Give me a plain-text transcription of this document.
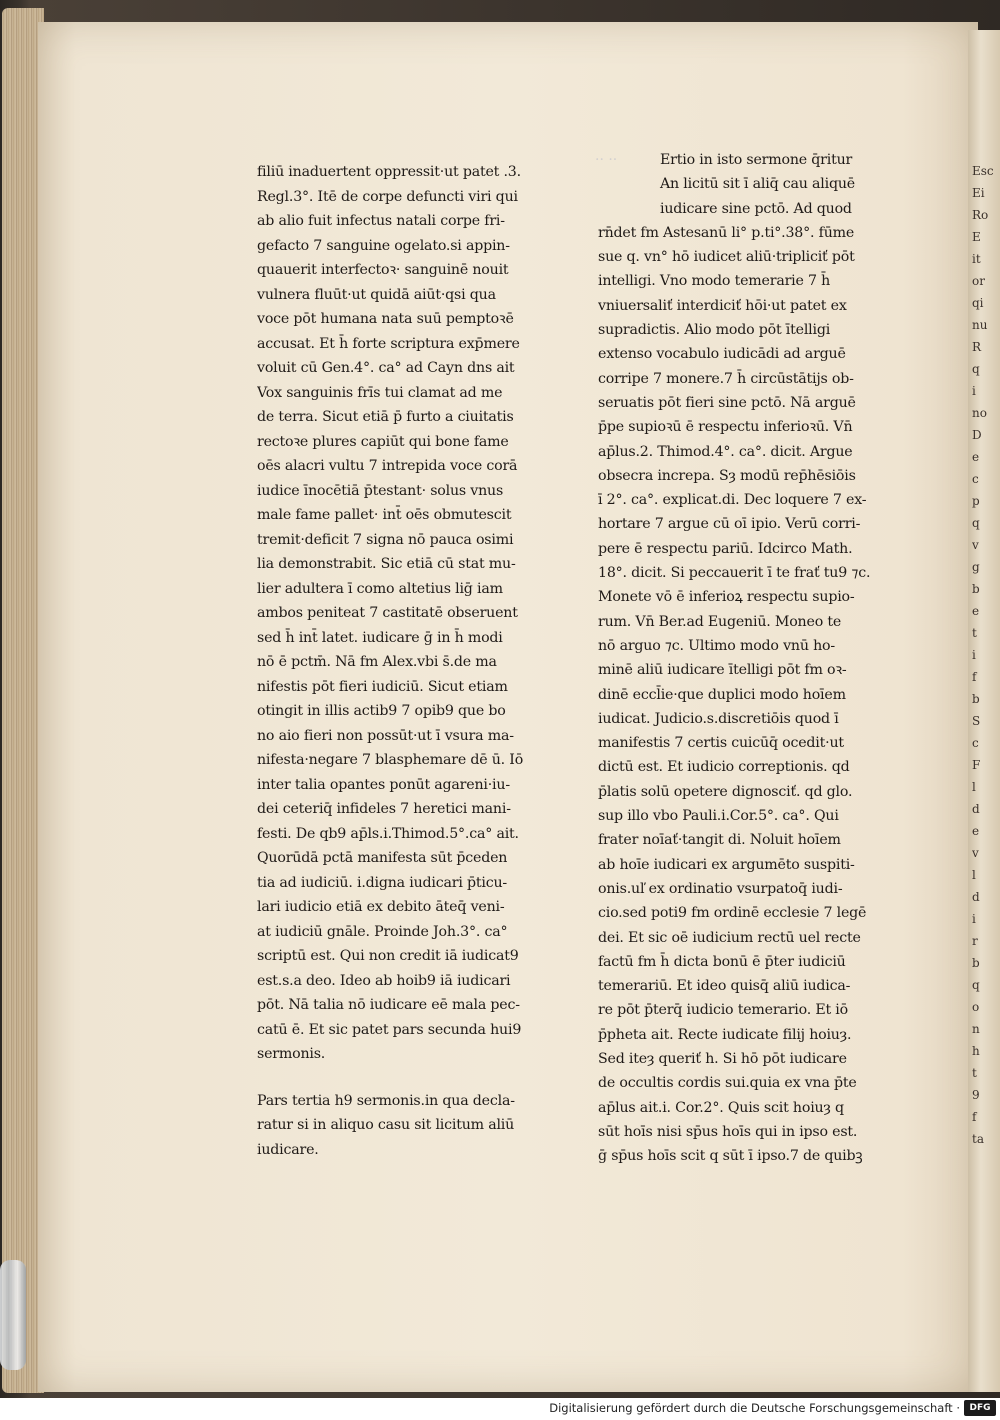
Esc
Ei
Ro
E
it
or
qi
nu
R
q
i
no
D
e
c
p
q
v
g
b
e
t
i
f
b
S
c
F
l
d
e
v
l
d
i
r
b
q
o
n
h
t
9
f
ta
·· ··
filiū inaduertent oppressit·ut patet .3.
Regl.3°. Itē de corpe defuncti viri qui
ab alio fuit infectus natali corpe fri-
gefacto 7 sanguine ogelato.si appin-
quauerit interfectoꝛ· sanguinē nouit
vulnera fluūt·ut quidā aiūt·qsi qua
voce pōt humana nata suū pemptoꝛē
accusat. Et h̄ forte scriptura exp̄mere
voluit cū Gen.4°. ca° ad Cayn dns ait
Vox sanguinis frīs tui clamat ad me
de terra. Sicut etiā p̄ furto a ciuitatis
rectoꝛe plures capiūt qui bone fame
oēs alacri vultu 7 intrepida voce corā
iudice īnocētiā p̄testant· solus vnus
male fame pallet· int̄ oēs obmutescit
tremit·deficit 7 signa nō pauca osimi
lia demonstrabit. Sic etiā cū stat mu-
lier adultera ī como altetius liḡ iam
ambos peniteat 7 castitatē obseruent
sed h̄ int̄ latet. iudicare ḡ in h̄ modi
nō ē pctm̄. Nā fm Alex.vbi s̄.de ma
nifestis pōt fieri iudiciū. Sicut etiam
otingit in illis actib9 7 opib9 que bo
no aio fieri non possūt·ut ī vsura ma-
nifesta·negare 7 blasphemare dē ū. Iō
inter talia opantes ponūt agareni·iu-
dei ceteriq̄ infideles 7 heretici mani-
festi. De qb9 ap̄ls.i.Thimod.5°.ca° ait.
Quorūdā pctā manifesta sūt p̄ceden
tia ad iudiciū. i.digna iudicari p̄ticu-
lari iudicio etiā ex debito āteq̄ veni-
at iudiciū gnāle. Proinde Joh.3°. ca°
scriptū est. Qui non credit iā iudicat9
est.s.a deo. Ideo ab hoib9 iā iudicari
pōt. Nā talia nō iudicare eē mala pec-
catū ē. Et sic patet pars secunda hui9
sermonis.
Pars tertia h9 sermonis.in qua decla-
ratur si in aliquo casu sit licitum aliū
iudicare.
Ertio in isto sermone q̄ritur
An licitū sit ī aliq̄ cau aliquē
iudicare sine pctō. Ad quod
rn̄det fm Astesanū li° p.ti°.38°. fūme
sue q. vn° hō iudicet aliū·tripliciť pōt
intelligi. Vno modo temerarie 7 h̄
vniuersaliť interdiciť hōi·ut patet ex
supradictis. Alio modo pōt ītelligi
extenso vocabulo iudicādi ad arguē
corripe 7 monere.7 h̄ circūstātijs ob-
seruatis pōt fieri sine pctō. Nā arguē
p̄pe supioꝛū ē respectu inferioꝛū. Vn̄
ap̄lus.2. Thimod.4°. ca°. dicit. Argue
obsecra increpa. Sȝ modū rep̄hēsiōis
ī 2°. ca°. explicat.di. Dec loquere 7 ex-
hortare 7 argue cū oī ipio. Verū corri-
pere ē respectu pariū. Idcirco Math.
18°. dicit. Si peccauerit ī te frať tu9 ⁊c.
Monete vō ē inferioꝝ respectu supio-
rum. Vn̄ Ber.ad Eugeniū. Moneo te
nō arguo ⁊c. Ultimo modo vnū ho-
minē aliū iudicare ītelligi pōt fm oꝛ-
dinē eccl̄ie·que duplici modo hoīem
iudicat. Judicio.s.discretiōis quod ī
manifestis 7 certis cuicūq̄ ocedit·ut
dictū est. Et iudicio correptionis. qd
p̄latis solū opetere dignosciť. qd glo.
sup illo vbo Pauli.i.Cor.5°. ca°. Qui
frater noīať·tangit di. Noluit hoīem
ab hoīe iudicari ex argumēto suspiti-
onis.uľ ex ordinatio vsurpatoq̄ iudi-
cio.sed poti9 fm ordinē ecclesie 7 legē
dei. Et sic oē iudicium rectū uel recte
factū fm h̄ dicta bonū ē p̄ter iudiciū
temerariū. Et ideo quisq̄ aliū iudica-
re pōt p̄terq̄ iudicio temerario. Et iō
p̄pheta ait. Recte iudicate filij hoiuȝ.
Sed iteȝ queriť h. Si hō pōt iudicare
de occultis cordis sui.quia ex vna p̄te
ap̄lus ait.i. Cor.2°. Quis scit hoiuȝ q
sūt hoīs nisi sp̄us hoīs qui in ipso est.
ḡ sp̄us hoīs scit q sūt ī ipso.7 de quibꝫ
Digitalisierung gefördert durch die Deutsche Forschungsgemeinschaft ·	DFG
